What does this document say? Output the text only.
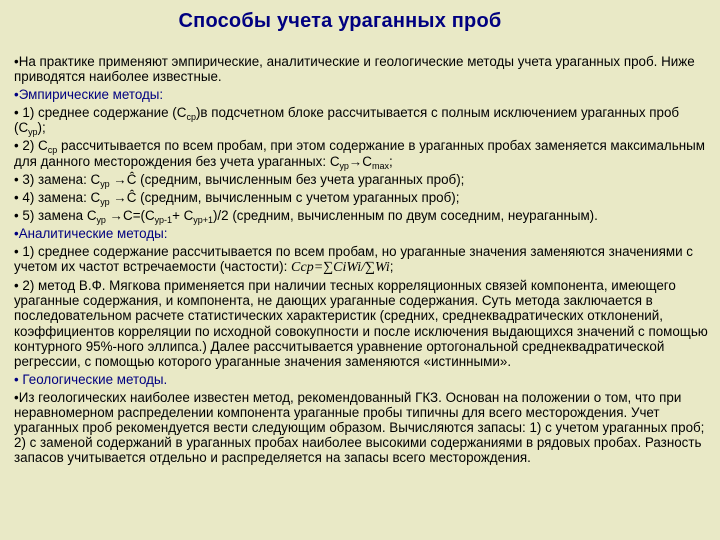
Способы учета ураганных проб

•На практике применяют эмпирические, аналитические и геологические методы учета ураганных проб. Ниже приводятся наиболее известные.

•Эмпирические методы:

• 1) среднее содержание $(С_{ср})в$ подсчетном блоке рассчитывается с полным исключением ураганных проб $(С_{ур})$;

• 2) $С_{ср}$ рассчитывается по всем пробам, при этом содержание в ураганных пробах заменяется максимальным для данного месторождения без учета ураганных: $С_{ур}\to С_{max}$;

• 3) замена: $С_{ур}$ →Ĉ (средним, вычисленным без учета ураганных проб);

• 4) замена: $С_{ур}$ →Ĉ (средним, вычисленным с учетом ураганных проб);

• 5) замена $С_{ур} \to С=(С_{ур-1}+ С_{ур+1})/2$ (средним, вычисленным по двум соседним, неураганным).

•Аналитические методы:

• 1) среднее содержание рассчитывается по всем пробам, но ураганные значения заменяются значениями с учетом их частот встречаемости (частости): Сср=∑СiWi/∑Wi;

• 2) метод В.Ф. Мягкова применяется при наличии тесных корреляционных связей компонента, имеющего ураганные содержания, и компонента, не дающих ураганные содержания. Суть метода заключается в последовательном расчете статистических характеристик (средних, среднеквадратических отклонений, коэффициентов корреляции по исходной совокупности и после исключения выдающихся значений с помощью контурного 95%-ного эллипса.) Далее рассчитывается уравнение ортогональной среднеквадратической регрессии, с помощью которого ураганные значения заменяются «истинными».

• Геологические методы.

•Из геологических наиболее известен метод, рекомендованный ГКЗ. Основан на положении о том, что при неравномерном распределении компонента ураганные пробы типичны для всего месторождения. Учет ураганных проб рекомендуется вести следующим образом. Вычисляются запасы: 1) с учетом ураганных проб; 2) с заменой содержаний в ураганных пробах наиболее высокими содержаниями в рядовых пробах. Разность запасов учитывается отдельно и распределяется на запасы всего месторождения.
